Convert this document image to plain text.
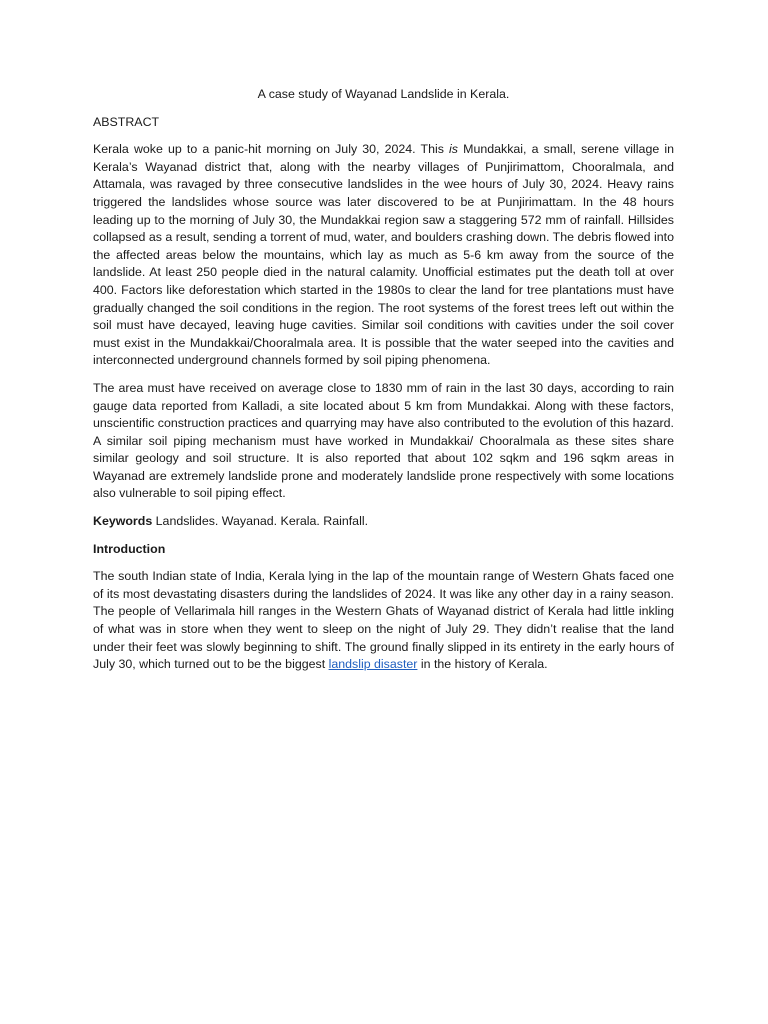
A case study of Wayanad Landslide in Kerala.

ABSTRACT

Kerala woke up to a panic-hit morning on July 30, 2024. This is Mundakkai, a small, serene village in Kerala’s Wayanad district that, along with the nearby villages of Punjirimattom, Chooralmala, and Attamala, was ravaged by three consecutive landslides in the wee hours of July 30, 2024. Heavy rains triggered the landslides whose source was later discovered to be at Punjirimattam. In the 48 hours leading up to the morning of July 30, the Mundakkai region saw a staggering 572 mm of rainfall. Hillsides collapsed as a result, sending a torrent of mud, water, and boulders crashing down. The debris flowed into the affected areas below the mountains, which lay as much as 5-6 km away from the source of the landslide. At least 250 people died in the natural calamity. Unofficial estimates put the death toll at over 400. Factors like deforestation which started in the 1980s to clear the land for tree plantations must have gradually changed the soil conditions in the region. The root systems of the forest trees left out within the soil must have decayed, leaving huge cavities. Similar soil conditions with cavities under the soil cover must exist in the Mundakkai/Chooralmala area. It is possible that the water seeped into the cavities and interconnected underground channels formed by soil piping phenomena.

The area must have received on average close to 1830 mm of rain in the last 30 days, according to rain gauge data reported from Kalladi, a site located about 5 km from Mundakkai. Along with these factors, unscientific construction practices and quarrying may have also contributed to the evolution of this hazard. A similar soil piping mechanism must have worked in Mundakkai/ Chooralmala as these sites share similar geology and soil structure. It is also reported that about 102 sqkm and 196 sqkm areas in Wayanad are extremely landslide prone and moderately landslide prone respectively with some locations also vulnerable to soil piping effect.

Keywords Landslides. Wayanad. Kerala. Rainfall.

Introduction

The south Indian state of India, Kerala lying in the lap of the mountain range of Western Ghats faced one of its most devastating disasters during the landslides of 2024. It was like any other day in a rainy season. The people of Vellarimala hill ranges in the Western Ghats of Wayanad district of Kerala had little inkling of what was in store when they went to sleep on the night of July 29. They didn’t realise that the land under their feet was slowly beginning to shift. The ground finally slipped in its entirety in the early hours of July 30, which turned out to be the biggest landslip disaster in the history of Kerala.
